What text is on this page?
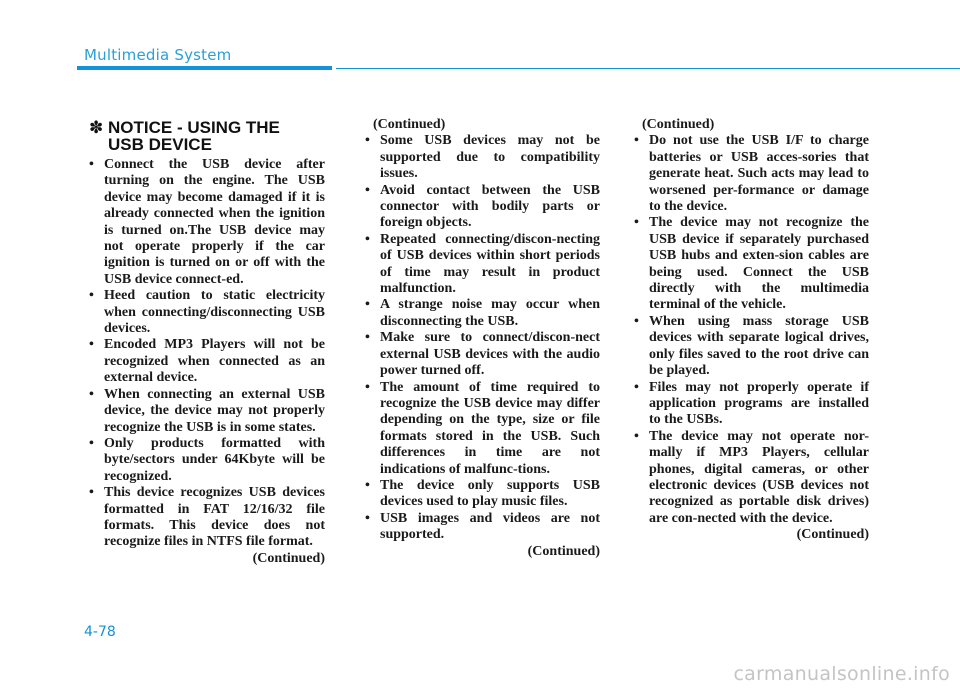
Multimedia System
✽ NOTICE - USING THE
USB DEVICE
• Connect the USB device after turning on the engine. The USB device may become damaged if it is already connected when the ignition is turned on.The USB device may not operate properly if the car ignition is turned on or off with the USB device connect-ed.
• Heed caution to static electricity when connecting/disconnecting USB devices.
• Encoded MP3 Players will not be recognized when connected as an external device.
• When connecting an external USB device, the device may not properly recognize the USB is in some states.
• Only products formatted with byte/sectors under 64Kbyte will be recognized.
• This device recognizes USB devices formatted in FAT 12/16/32 file formats. This device does not recognize files in NTFS file format.
(Continued)
(Continued)
• Some USB devices may not be supported due to compatibility issues.
• Avoid contact between the USB connector with bodily parts or foreign objects.
• Repeated connecting/discon-necting of USB devices within short periods of time may result in product malfunction.
• A strange noise may occur when disconnecting the USB.
• Make sure to connect/discon-nect external USB devices with the audio power turned off.
• The amount of time required to recognize the USB device may differ depending on the type, size or file formats stored in the USB. Such differences in time are not indications of malfunc-tions.
• The device only supports USB devices used to play music files.
• USB images and videos are not supported.
(Continued)
(Continued)
• Do not use the USB I/F to charge batteries or USB acces-sories that generate heat. Such acts may lead to worsened per-formance or damage to the device.
• The device may not recognize the USB device if separately purchased USB hubs and exten-sion cables are being used. Connect the USB directly with the multimedia terminal of the vehicle.
• When using mass storage USB devices with separate logical drives, only files saved to the root drive can be played.
• Files may not properly operate if application programs are installed to the USBs.
• The device may not operate nor-mally if MP3 Players, cellular phones, digital cameras, or other electronic devices (USB devices not recognized as portable disk drives) are con-nected with the device.
(Continued)
4-78
carmanualsonline.info
